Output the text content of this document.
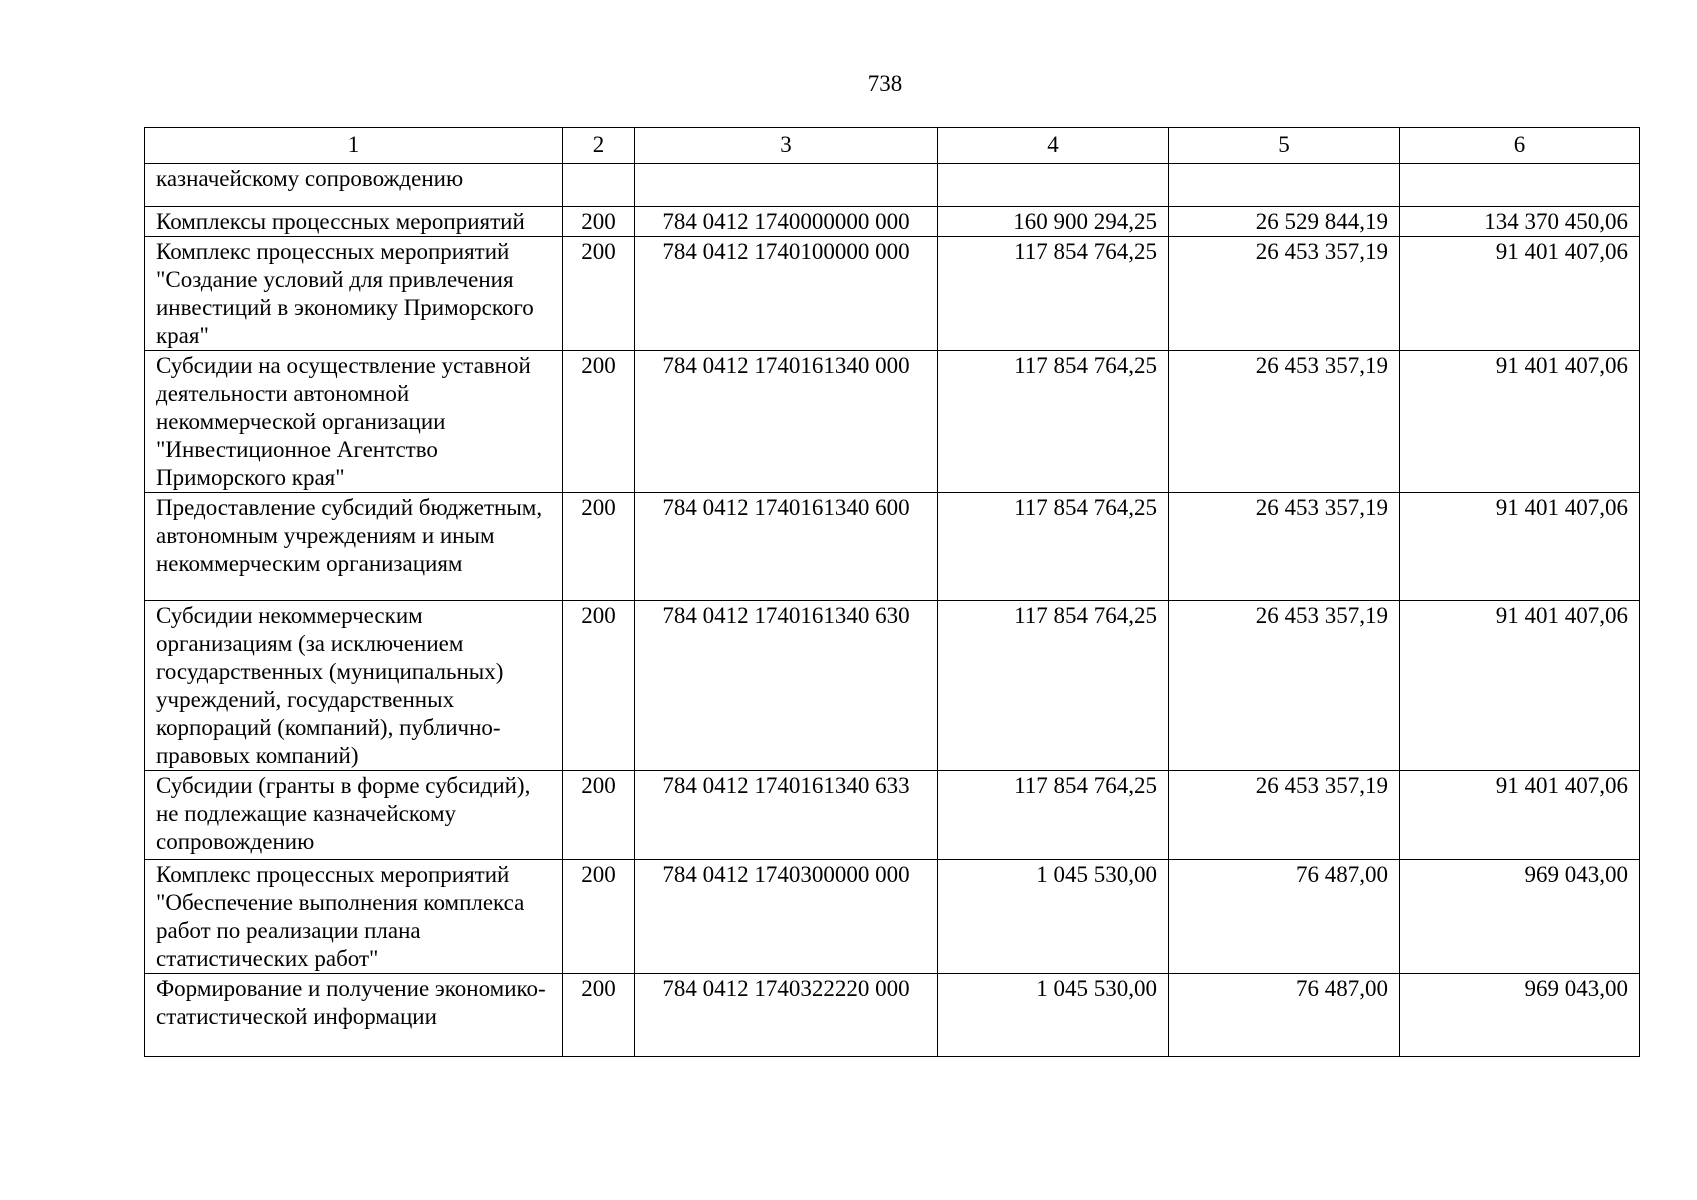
738
1	2	3	4	5	6
казначейскому сопровождению					
Комплексы процессных мероприятий	200	784 0412 1740000000 000	160 900 294,25	26 529 844,19	134 370 450,06
Комплекс процессных мероприятий "Создание условий для привлечения инвестиций в экономику Приморского края"	200	784 0412 1740100000 000	117 854 764,25	26 453 357,19	91 401 407,06
Субсидии на осуществление уставной деятельности автономной некоммерческой организации "Инвестиционное Агентство Приморского края"	200	784 0412 1740161340 000	117 854 764,25	26 453 357,19	91 401 407,06
Предоставление субсидий бюджетным, автономным учреждениям и иным некоммерческим организациям	200	784 0412 1740161340 600	117 854 764,25	26 453 357,19	91 401 407,06
Субсидии некоммерческим организациям (за исключением государственных (муниципальных) учреждений, государственных корпораций (компаний), публично-правовых компаний)	200	784 0412 1740161340 630	117 854 764,25	26 453 357,19	91 401 407,06
Субсидии (гранты в форме субсидий), не подлежащие казначейскому сопровождению	200	784 0412 1740161340 633	117 854 764,25	26 453 357,19	91 401 407,06
Комплекс процессных мероприятий "Обеспечение выполнения комплекса работ по реализации плана статистических работ"	200	784 0412 1740300000 000	1 045 530,00	76 487,00	969 043,00
Формирование и получение экономико-статистической информации	200	784 0412 1740322220 000	1 045 530,00	76 487,00	969 043,00
